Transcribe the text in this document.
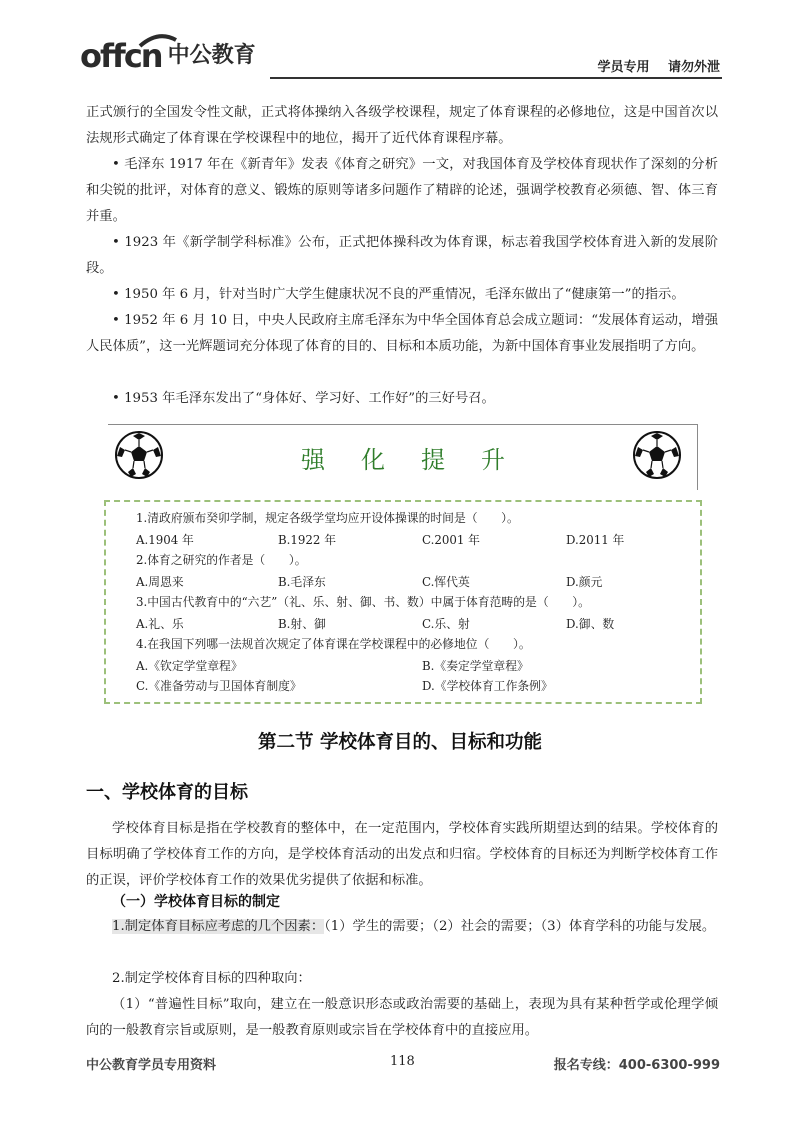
offcn 中公教育	学员专用 请勿外泄
正式颁行的全国发令性文献，正式将体操纳入各级学校课程，规定了体育课程的必修地位，这是中国首次以法规形式确定了体育课在学校课程中的地位，揭开了近代体育课程序幕。
• 毛泽东 1917 年在《新青年》发表《体育之研究》一文，对我国体育及学校体育现状作了深刻的分析和尖锐的批评，对体育的意义、锻炼的原则等诸多问题作了精辟的论述，强调学校教育必须德、智、体三育并重。
• 1923 年《新学制学科标准》公布，正式把体操科改为体育课，标志着我国学校体育进入新的发展阶段。
• 1950 年 6 月，针对当时广大学生健康状况不良的严重情况，毛泽东做出了“健康第一”的指示。
• 1952 年 6 月 10 日，中央人民政府主席毛泽东为中华全国体育总会成立题词：“发展体育运动，增强人民体质”，这一光辉题词充分体现了体育的目的、目标和本质功能，为新中国体育事业发展指明了方向。
• 1953 年毛泽东发出了“身体好、学习好、工作好”的三好号召。
强化提升
1.清政府颁布癸卯学制，规定各级学堂均应开设体操课的时间是（　　）。
A.1904 年	B.1922 年	C.2001 年	D.2011 年
2.体育之研究的作者是（　　）。
A.周恩来	B.毛泽东	C.恽代英	D.颜元
3.中国古代教育中的“六艺”（礼、乐、射、御、书、数）中属于体育范畴的是（　　）。
A.礼、乐	B.射、御	C.乐、射	D.御、数
4.在我国下列哪一法规首次规定了体育课在学校课程中的必修地位（　　）。
A.《钦定学堂章程》	B.《奏定学堂章程》
C.《准备劳动与卫国体育制度》	D.《学校体育工作条例》
第二节 学校体育目的、目标和功能
一、学校体育的目标
学校体育目标是指在学校教育的整体中，在一定范围内，学校体育实践所期望达到的结果。学校体育的目标明确了学校体育工作的方向，是学校体育活动的出发点和归宿。学校体育的目标还为判断学校体育工作的正误，评价学校体育工作的效果优劣提供了依据和标准。
（一）学校体育目标的制定
1.制定体育目标应考虑的几个因素：（1）学生的需要；（2）社会的需要；（3）体育学科的功能与发展。
2.制定学校体育目标的四种取向：
（1）“普遍性目标”取向，建立在一般意识形态或政治需要的基础上，表现为具有某种哲学或伦理学倾向的一般教育宗旨或原则，是一般教育原则或宗旨在学校体育中的直接应用。
中公教育学员专用资料	118	报名专线：400-6300-999
